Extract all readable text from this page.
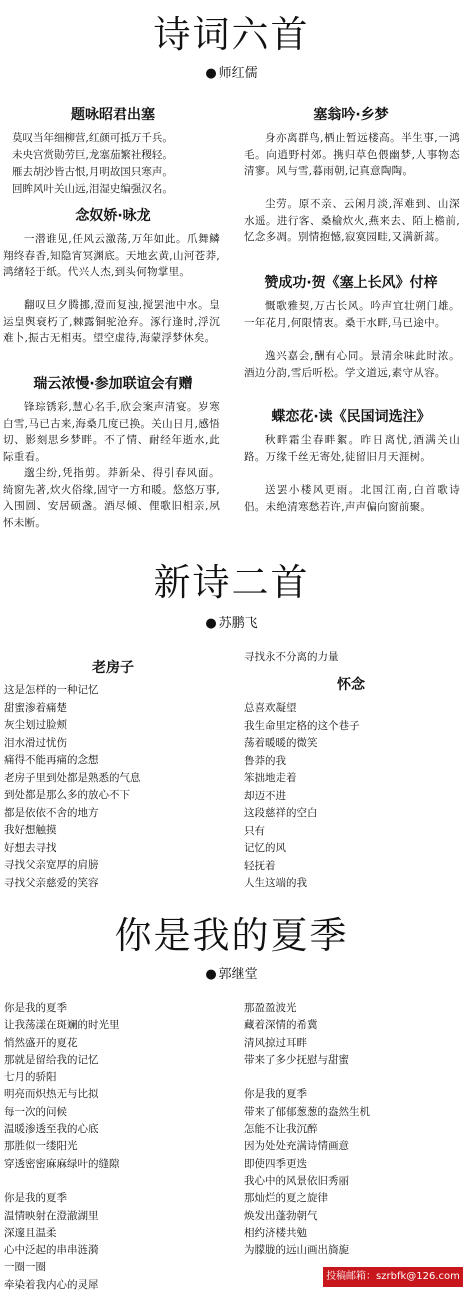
诗词六首
● 师红儒
题咏昭君出塞
莫叹当年细柳营,红颜可抵万千兵。
未央宫赏勋劳巨,龙塞茄繁社稷轻。
雁去胡沙皆古恨,月明故国只寒声。
回眸风叶关山远,泪湿史编强汉名。
念奴娇·咏龙

一潜谁见,任风云激荡,万年如此。爪舞鳞翔终春香,知隐宵冥渊底。天地玄黄,山河苍莽,鸿绪轻于纸。代兴人杰,到头何物掌里。

翻叹旦夕腾挪,澄而复浊,搅罢池中水。皇运皇舆衰朽了,棘露铜驼沧弃。涿行逢时,浮沉难卜,振古无相夷。望空虚待,海蒙浮梦休矣。

瑞云浓慢·参加联谊会有赠

锋琮锈彩,慧心名手,欣会案声清宴。岁寒白雪,马已古来,海桑几度已换。关山日月,感悟切、影刻思乡梦畔。不了情、耐经年逝水,此际重看。

邈尘纷,凭指剪。莽新朵、得引春风面。绮窗先著,炊火俗缘,固守一方和暖。悠悠万事,入围圆、安居硕盏。酒尽倾、俚歌旧相亲,夙怀未断。

塞翁吟·乡梦

身亦离群鸟,栖止暂远楼高。半生事,一鸿毛。向逍野村郊。携归草色偎幽梦,人事物态清寥。风与雪,暮雨朝,记真意陶陶。

尘劳。原不亲、云闲月淡,浑难到、山深水遥。进行客、桑榆炊火,燕来去、陌上檐前,忆念多凋。别情抱憾,寂寞园畦,又满新蒿。

赞成功·贺《塞上长风》付梓

慨歌雅契,万古长风。吟声宜壮朔门雄。一年花月,何限情衷。桑干水畔,马已途中。

逸兴嘉会,酬有心同。景清余味此时浓。酒边分韵,雪后听松。学文道远,素守从容。

蝶恋花·读《民国词选注》

秋畔霜尘春畔絮。昨日离忧,酒满关山路。万缘千丝无寄处,徒留旧月天涯树。

送罢小楼风更雨。北国江南,白首歌诗侣。未绝清寒愁若许,声声偏向窗前聚。

新诗二首
● 苏鹏飞
老房子
这是怎样的一种记忆
甜蜜渗着痛楚
灰尘划过脸颊
泪水滑过忧伤
痛得不能再痛的念想
老房子里到处都是熟悉的气息
到处都是那么多的放心不下
都是依依不舍的地方
我好想触摸
好想去寻找
寻找父亲宽厚的肩膀
寻找父亲慈爱的笑容
寻找永不分离的力量
怀念
总喜欢凝望
我生命里定格的这个巷子
荡着暖暖的微笑
鲁莽的我
笨拙地走着
却迈不进
这段慈祥的空白
只有
记忆的风
轻抚着
人生这端的我
你是我的夏季
● 郭继堂
你是我的夏季
让我荡漾在斑斓的时光里
悄然盛开的夏花
那就是留给我的记忆
七月的骄阳
明亮而炽热无与比拟
每一次的问候
温暖渗透至我的心底
那胜似一缕阳光
穿透密密麻麻绿叶的缝隙
你是我的夏季
温情映射在澄澈湖里
深邃且温柔
心中泛起的串串涟漪
一圈一圈
牵染着我内心的灵犀
那盈盈波光
藏着深情的希冀
清风掠过耳畔
带来了多少抚慰与甜蜜
你是我的夏季
带来了郁郁葱葱的盎然生机
怎能不让我沉醉
因为处处充满诗情画意
即使四季更迭
我心中的风景依旧秀丽
那灿烂的夏之旋律
焕发出蓬勃朝气
相约济楼共勉
为朦胧的远山画出旖旎
投稿邮箱：szrbfk@126.com
